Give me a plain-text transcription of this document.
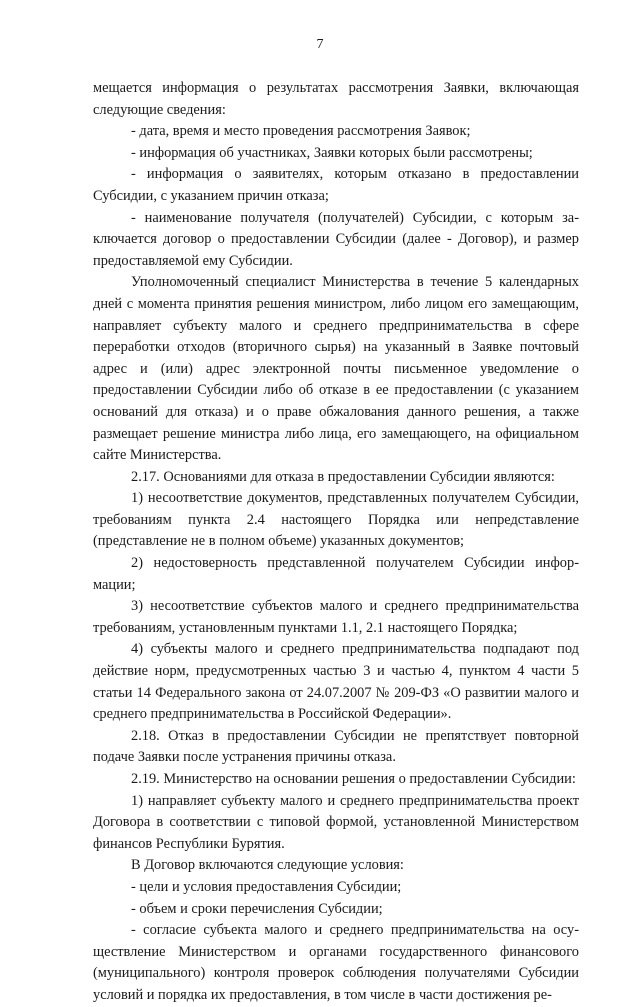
7

мещается информация о результатах рассмотрения Заявки, включающая следующие сведения:

- дата, время и место проведения рассмотрения Заявок;

- информация об участниках, Заявки которых были рассмотрены;

- информация о заявителях, которым отказано в предоставлении Субсидии, с указанием причин отказа;

- наименование получателя (получателей) Субсидии, с которым заключается договор о предоставлении Субсидии (далее - Договор), и размер предоставляемой ему Субсидии.

Уполномоченный специалист Министерства в течение 5 календарных дней с момента принятия решения министром, либо лицом его замещающим, направляет субъекту малого и среднего предпринимательства в сфере переработки отходов (вторичного сырья) на указанный в Заявке почтовый адрес и (или) адрес электронной почты письменное уведомление о предоставлении Субсидии либо об отказе в ее предоставлении (с указанием оснований для отказа) и о праве обжалования данного решения, а также размещает решение министра либо лица, его замещающего, на официальном сайте Министерства.

2.17. Основаниями для отказа в предоставлении Субсидии являются:

1) несоответствие документов, представленных получателем Субсидии, требованиям пункта 2.4 настоящего Порядка или непредставление (представление не в полном объеме) указанных документов;

2) недостоверность представленной получателем Субсидии информации;

3) несоответствие субъектов малого и среднего предпринимательства требованиям, установленным пунктами 1.1, 2.1 настоящего Порядка;

4) субъекты малого и среднего предпринимательства подпадают под действие норм, предусмотренных частью 3 и частью 4, пунктом 4 части 5 статьи 14 Федерального закона от 24.07.2007 № 209-ФЗ «О развитии малого и среднего предпринимательства в Российской Федерации».

2.18. Отказ в предоставлении Субсидии не препятствует повторной подаче Заявки после устранения причины отказа.

2.19. Министерство на основании решения о предоставлении Субсидии:

1) направляет субъекту малого и среднего предпринимательства проект Договора в соответствии с типовой формой, установленной Министерством финансов Республики Бурятия.

В Договор включаются следующие условия:

- цели и условия предоставления Субсидии;

- объем и сроки перечисления Субсидии;

- согласие субъекта малого и среднего предпринимательства на осуществление Министерством и органами государственного финансового (муниципального) контроля проверок соблюдения получателями Субсидии условий и порядка их предоставления, в том числе в части достижения ре-
